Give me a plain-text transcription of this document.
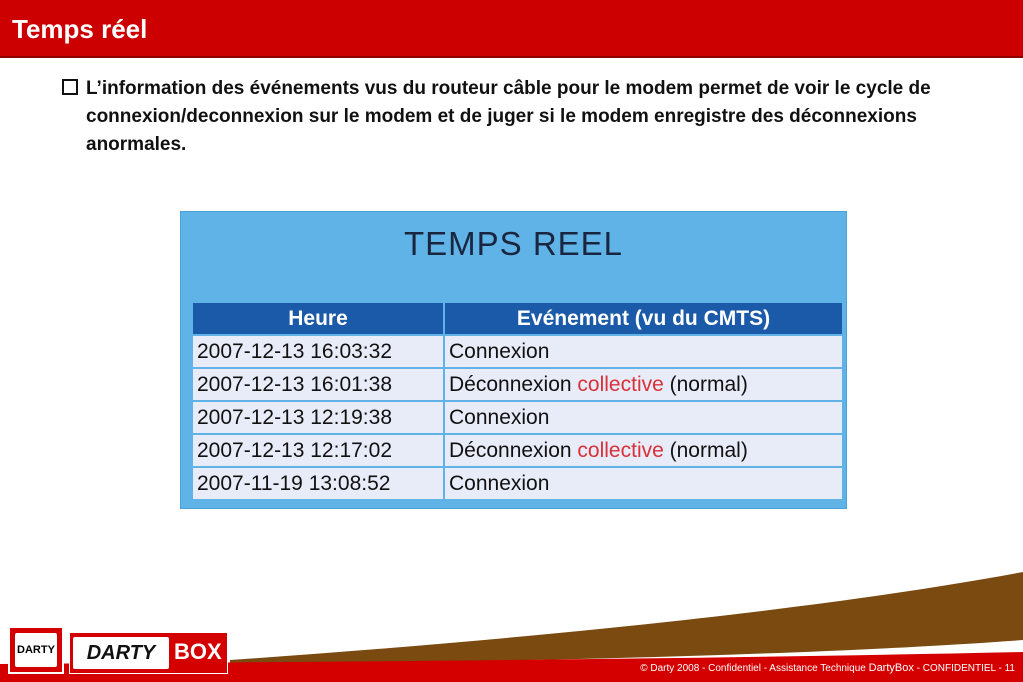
Temps réel
L’information des événements vus du routeur câble pour le modem permet de voir le cycle de connexion/deconnexion sur le modem et de juger si le modem enregistre des déconnexions anormales.
TEMPS REEL
Heure	Evénement (vu du CMTS)
2007-12-13 16:03:32	Connexion
2007-12-13 16:01:38	Déconnexion collective (normal)
2007-12-13 12:19:38	Connexion
2007-12-13 12:17:02	Déconnexion collective (normal)
2007-11-19 13:08:52	Connexion
DARTY	DARTY BOX
© Darty 2008 - Confidentiel - Assistance Technique DartyBox - CONFIDENTIEL - 11
